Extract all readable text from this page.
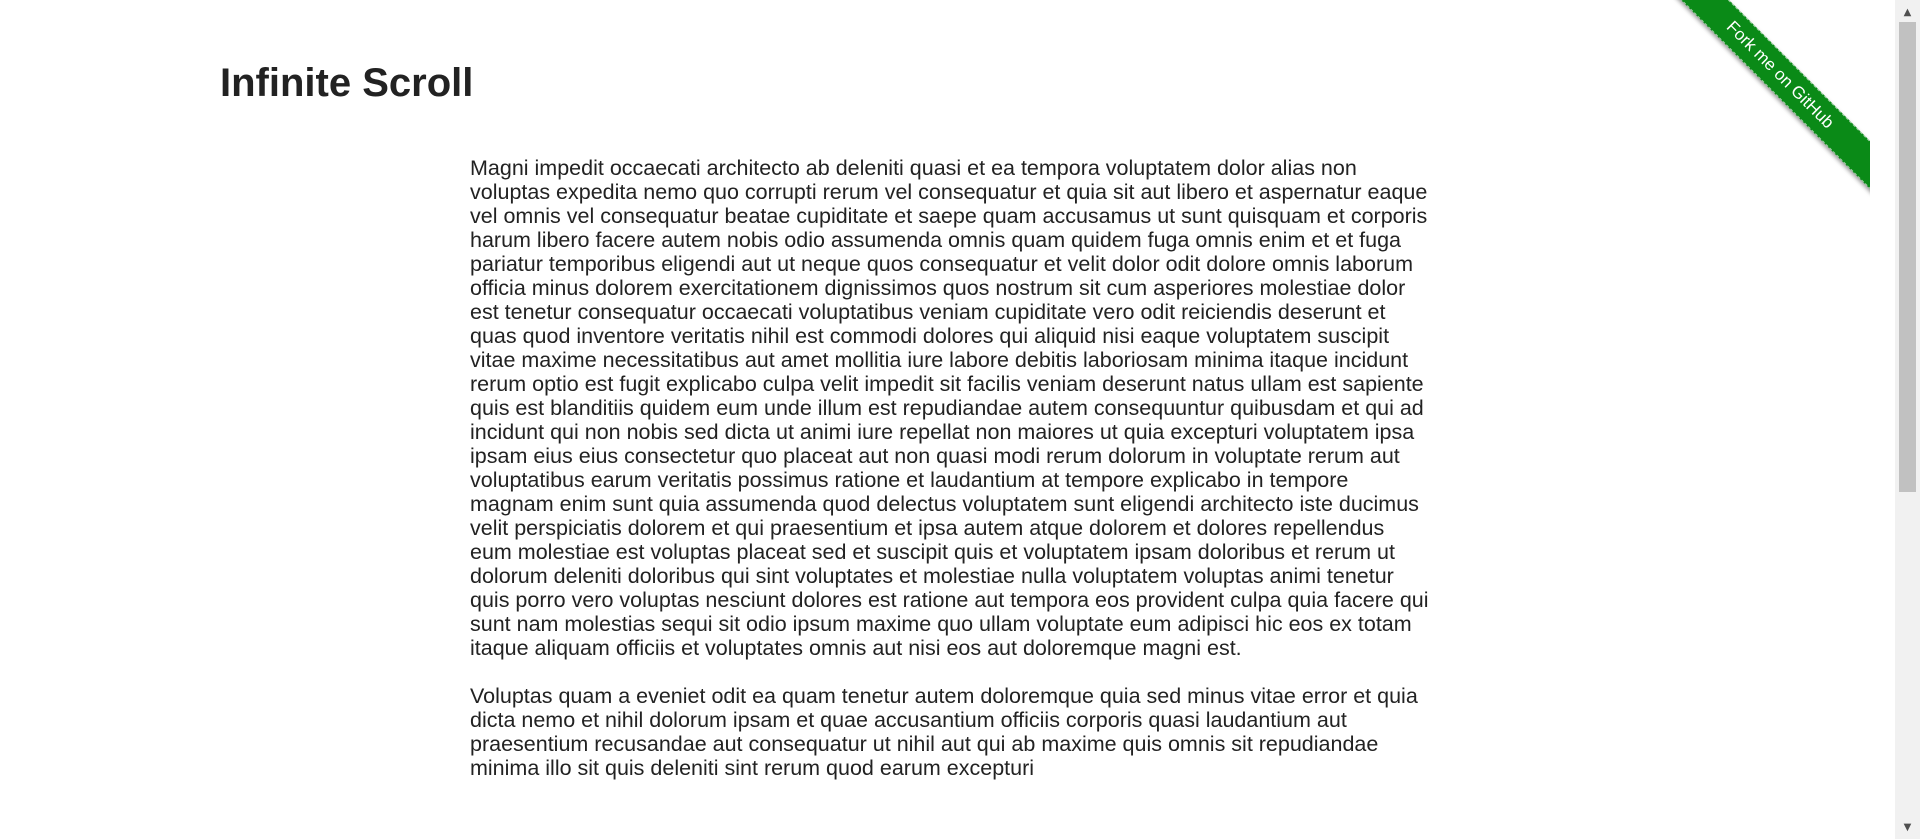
Infinite Scroll

Magni impedit occaecati architecto ab deleniti quasi et ea tempora voluptatem dolor alias non voluptas expedita nemo quo corrupti rerum vel consequatur et quia sit aut libero et aspernatur eaque vel omnis vel consequatur beatae cupiditate et saepe quam accusamus ut sunt quisquam et corporis harum libero facere autem nobis odio assumenda omnis quam quidem fuga omnis enim et et fuga pariatur temporibus eligendi aut ut neque quos consequatur et velit dolor odit dolore omnis laborum officia minus dolorem exercitationem dignissimos quos nostrum sit cum asperiores molestiae dolor est tenetur consequatur occaecati voluptatibus veniam cupiditate vero odit reiciendis deserunt et quas quod inventore veritatis nihil est commodi dolores qui aliquid nisi eaque voluptatem suscipit vitae maxime necessitatibus aut amet mollitia iure labore debitis laboriosam minima itaque incidunt rerum optio est fugit explicabo culpa velit impedit sit facilis veniam deserunt natus ullam est sapiente quis est blanditiis quidem eum unde illum est repudiandae autem consequuntur quibusdam et qui ad incidunt qui non nobis sed dicta ut animi iure repellat non maiores ut quia excepturi voluptatem ipsa ipsam eius eius consectetur quo placeat aut non quasi modi rerum dolorum in voluptate rerum aut voluptatibus earum veritatis possimus ratione et laudantium at tempore explicabo in tempore magnam enim sunt quia assumenda quod delectus voluptatem sunt eligendi architecto iste ducimus velit perspiciatis dolorem et qui praesentium et ipsa autem atque dolorem et dolores repellendus eum molestiae est voluptas placeat sed et suscipit quis et voluptatem ipsam doloribus et rerum ut dolorum deleniti doloribus qui sint voluptates et molestiae nulla voluptatem voluptas animi tenetur quis porro vero voluptas nesciunt dolores est ratione aut tempora eos provident culpa quia facere qui sunt nam molestias sequi sit odio ipsum maxime quo ullam voluptate eum adipisci hic eos ex totam itaque aliquam officiis et voluptates omnis aut nisi eos aut doloremque magni est.

Voluptas quam a eveniet odit ea quam tenetur autem doloremque quia sed minus vitae error et quia dicta nemo et nihil dolorum ipsam et quae accusantium officiis corporis quasi laudantium aut praesentium recusandae aut consequatur ut nihil aut qui ab maxime quis omnis sit repudiandae minima illo sit quis deleniti sint rerum quod earum excepturi

Fork me on GitHub
▲
▼
